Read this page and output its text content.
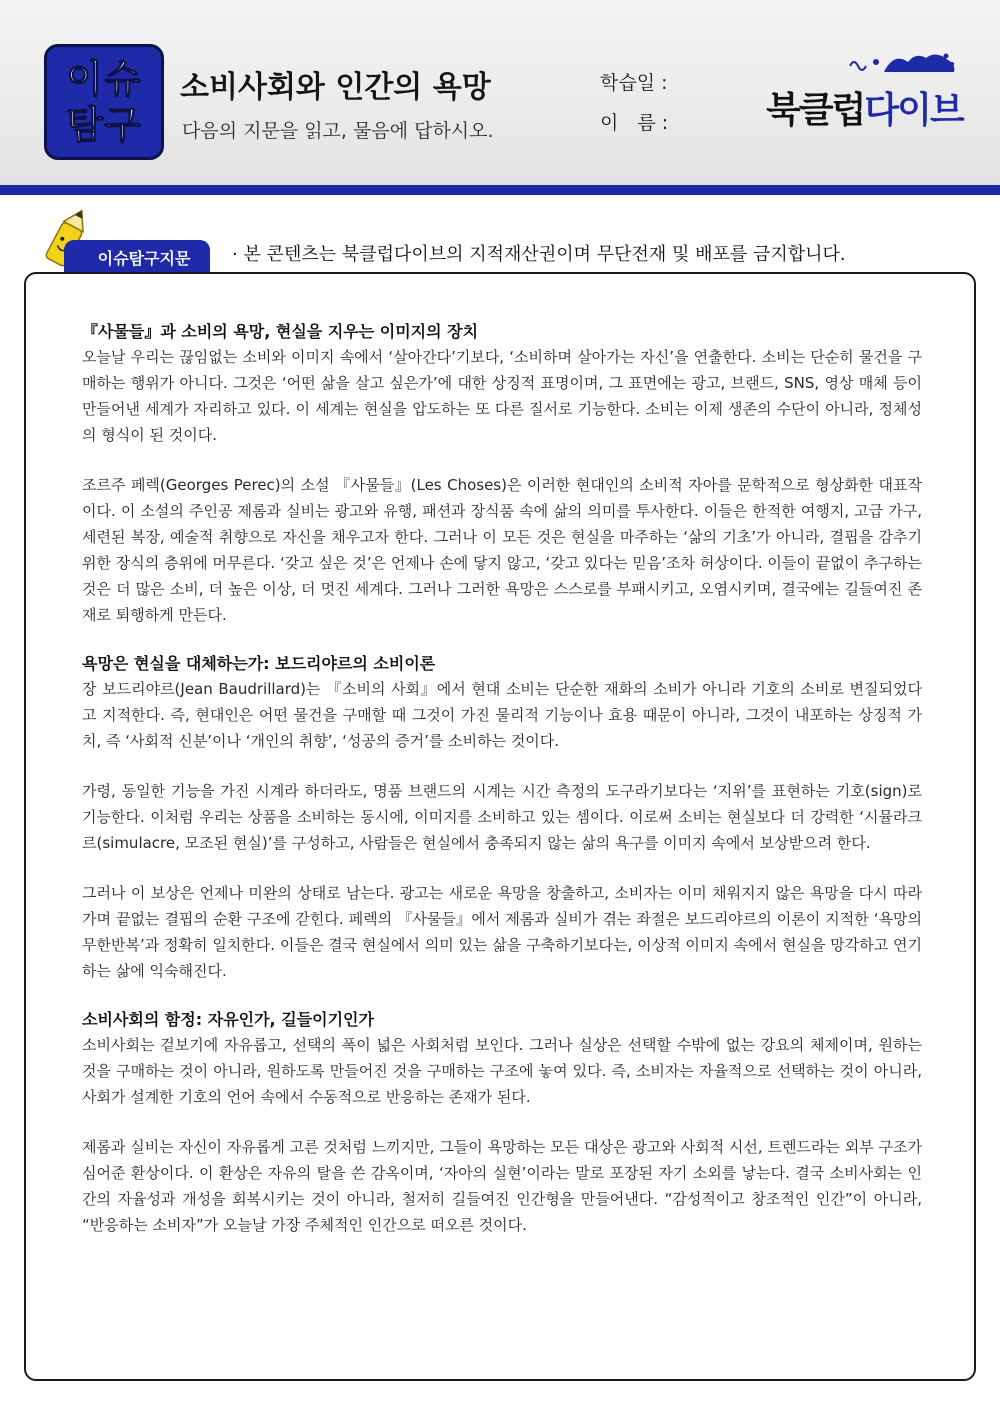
이슈
탐구
소비사회와 인간의 욕망
다음의 지문을 읽고, 물음에 답하시오.
학습일 :
이　름 :	북클럽다이브
이슈탐구지문 · 본 콘텐츠는 북클럽다이브의 지적재산권이며 무단전재 및 배포를 금지합니다.

『사물들』과 소비의 욕망, 현실을 지우는 이미지의 장치

오늘날 우리는 끊임없는 소비와 이미지 속에서 ‘살아간다’기보다, ‘소비하며 살아가는 자신’을 연출한다. 소비는 단순히 물건을 구매하는 행위가 아니다. 그것은 ‘어떤 삶을 살고 싶은가’에 대한 상징적 표명이며, 그 표면에는 광고, 브랜드, SNS, 영상 매체 등이 만들어낸 세계가 자리하고 있다. 이 세계는 현실을 압도하는 또 다른 질서로 기능한다. 소비는 이제 생존의 수단이 아니라, 정체성의 형식이 된 것이다.

조르주 페렉(Georges Perec)의 소설 『사물들』(Les Choses)은 이러한 현대인의 소비적 자아를 문학적으로 형상화한 대표작이다. 이 소설의 주인공 제롬과 실비는 광고와 유행, 패션과 장식품 속에 삶의 의미를 투사한다. 이들은 한적한 여행지, 고급 가구, 세련된 복장, 예술적 취향으로 자신을 채우고자 한다. 그러나 이 모든 것은 현실을 마주하는 ‘삶의 기초’가 아니라, 결핍을 감추기 위한 장식의 층위에 머무른다. ‘갖고 싶은 것’은 언제나 손에 닿지 않고, ‘갖고 있다는 믿음’조차 허상이다. 이들이 끝없이 추구하는 것은 더 많은 소비, 더 높은 이상, 더 멋진 세계다. 그러나 그러한 욕망은 스스로를 부패시키고, 오염시키며, 결국에는 길들여진 존재로 퇴행하게 만든다.

욕망은 현실을 대체하는가: 보드리야르의 소비이론

장 보드리야르(Jean Baudrillard)는 『소비의 사회』에서 현대 소비는 단순한 재화의 소비가 아니라 기호의 소비로 변질되었다고 지적한다. 즉, 현대인은 어떤 물건을 구매할 때 그것이 가진 물리적 기능이나 효용 때문이 아니라, 그것이 내포하는 상징적 가치, 즉 ‘사회적 신분’이나 ‘개인의 취향’, ‘성공의 증거’를 소비하는 것이다.

가령, 동일한 기능을 가진 시계라 하더라도, 명품 브랜드의 시계는 시간 측정의 도구라기보다는 ‘지위’를 표현하는 기호(sign)로 기능한다. 이처럼 우리는 상품을 소비하는 동시에, 이미지를 소비하고 있는 셈이다. 이로써 소비는 현실보다 더 강력한 ‘시뮬라크르(simulacre, 모조된 현실)’를 구성하고, 사람들은 현실에서 충족되지 않는 삶의 욕구를 이미지 속에서 보상받으려 한다.

그러나 이 보상은 언제나 미완의 상태로 남는다. 광고는 새로운 욕망을 창출하고, 소비자는 이미 채워지지 않은 욕망을 다시 따라가며 끝없는 결핍의 순환 구조에 갇힌다. 페렉의 『사물들』에서 제롬과 실비가 겪는 좌절은 보드리야르의 이론이 지적한 ‘욕망의 무한반복’과 정확히 일치한다. 이들은 결국 현실에서 의미 있는 삶을 구축하기보다는, 이상적 이미지 속에서 현실을 망각하고 연기하는 삶에 익숙해진다.

소비사회의 함정: 자유인가, 길들이기인가

소비사회는 겉보기에 자유롭고, 선택의 폭이 넓은 사회처럼 보인다. 그러나 실상은 선택할 수밖에 없는 강요의 체제이며, 원하는 것을 구매하는 것이 아니라, 원하도록 만들어진 것을 구매하는 구조에 놓여 있다. 즉, 소비자는 자율적으로 선택하는 것이 아니라, 사회가 설계한 기호의 언어 속에서 수동적으로 반응하는 존재가 된다.

제롬과 실비는 자신이 자유롭게 고른 것처럼 느끼지만, 그들이 욕망하는 모든 대상은 광고와 사회적 시선, 트렌드라는 외부 구조가 심어준 환상이다. 이 환상은 자유의 탈을 쓴 감옥이며, ‘자아의 실현’이라는 말로 포장된 자기 소외를 낳는다. 결국 소비사회는 인간의 자율성과 개성을 회복시키는 것이 아니라, 철저히 길들여진 인간형을 만들어낸다. “감성적이고 창조적인 인간”이 아니라, “반응하는 소비자”가 오늘날 가장 주체적인 인간으로 떠오른 것이다.
